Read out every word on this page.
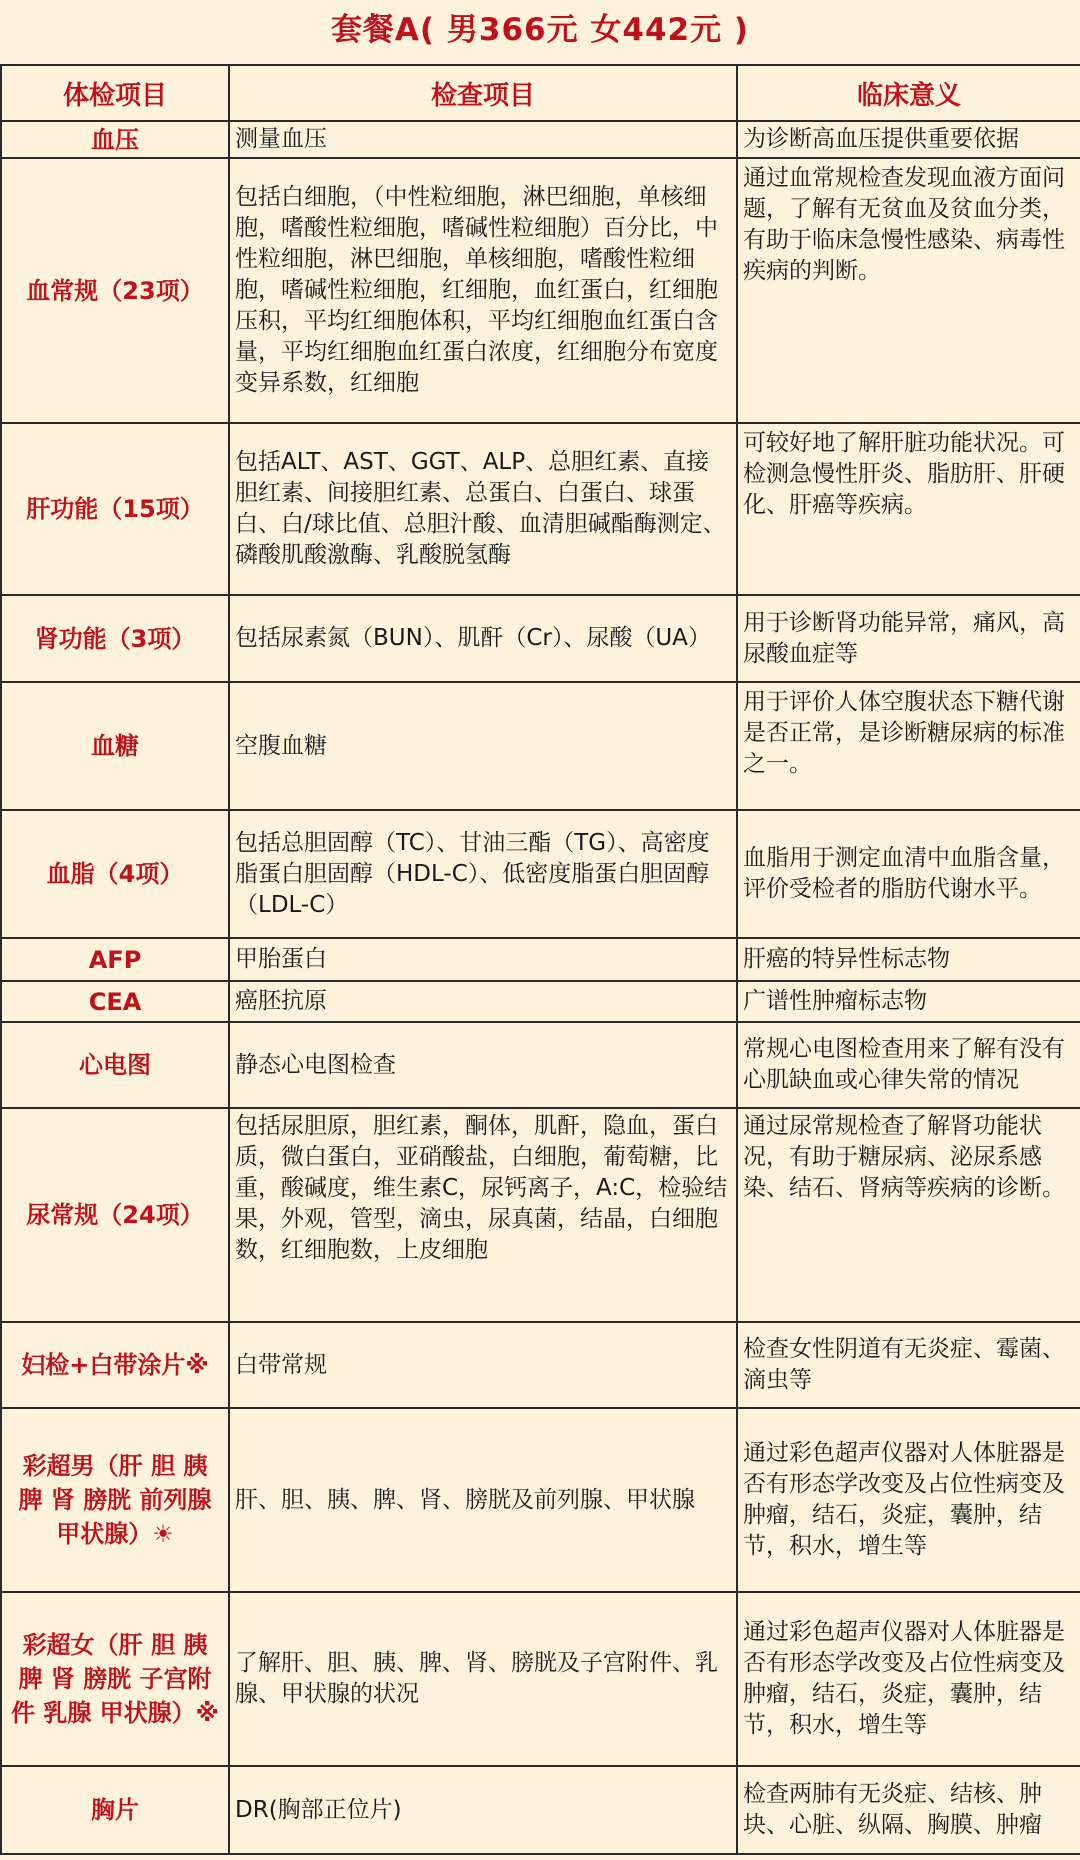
套餐A( 男366元 女442元 )
体检项目	检查项目	临床意义
血压	测量血压	为诊断高血压提供重要依据
血常规（23项）	包括白细胞，（中性粒细胞，淋巴细胞，单核细胞，嗜酸性粒细胞，嗜碱性粒细胞）百分比，中性粒细胞，淋巴细胞，单核细胞，嗜酸性粒细胞，嗜碱性粒细胞，红细胞，血红蛋白，红细胞压积，平均红细胞体积，平均红细胞血红蛋白含量，平均红细胞血红蛋白浓度，红细胞分布宽度变异系数，红细胞	通过血常规检查发现血液方面问题，了解有无贫血及贫血分类，有助于临床急慢性感染、病毒性疾病的判断。
肝功能（15项）	包括ALT、AST、GGT、ALP、总胆红素、直接胆红素、间接胆红素、总蛋白、白蛋白、球蛋白、白/球比值、总胆汁酸、血清胆碱酯酶测定、磷酸肌酸激酶、乳酸脱氢酶	可较好地了解肝脏功能状况。可检测急慢性肝炎、脂肪肝、肝硬化、肝癌等疾病。
肾功能（3项）	包括尿素氮（BUN）、肌酐（Cr）、尿酸（UA）	用于诊断肾功能异常，痛风，高尿酸血症等
血糖	空腹血糖	用于评价人体空腹状态下糖代谢是否正常，是诊断糖尿病的标准之一。
血脂（4项）	包括总胆固醇（TC）、甘油三酯（TG）、高密度脂蛋白胆固醇（HDL-C）、低密度脂蛋白胆固醇（LDL-C）	血脂用于测定血清中血脂含量，评价受检者的脂肪代谢水平。
AFP	甲胎蛋白	肝癌的特异性标志物
CEA	癌胚抗原	广谱性肿瘤标志物
心电图	静态心电图检查	常规心电图检查用来了解有没有心肌缺血或心律失常的情况
尿常规（24项）	包括尿胆原，胆红素，酮体，肌酐，隐血，蛋白质，微白蛋白，亚硝酸盐，白细胞，葡萄糖，比重，酸碱度，维生素C，尿钙离子，A:C，检验结果，外观，管型，滴虫，尿真菌，结晶，白细胞数，红细胞数，上皮细胞	通过尿常规检查了解肾功能状况，有助于糖尿病、泌尿系感染、结石、肾病等疾病的诊断。
妇检+白带涂片※	白带常规	检查女性阴道有无炎症、霉菌、滴虫等
彩超男（肝 胆 胰 脾 肾 膀胱 前列腺 甲状腺）☀	肝、胆、胰、脾、肾、膀胱及前列腺、甲状腺	通过彩色超声仪器对人体脏器是否有形态学改变及占位性病变及肿瘤，结石，炎症，囊肿，结节，积水，增生等
彩超女（肝 胆 胰 脾 肾 膀胱 子宫附件 乳腺 甲状腺）※	了解肝、胆、胰、脾、肾、膀胱及子宫附件、乳腺、甲状腺的状况	通过彩色超声仪器对人体脏器是否有形态学改变及占位性病变及肿瘤，结石，炎症，囊肿，结节，积水，增生等
胸片	DR(胸部正位片)	检查两肺有无炎症、结核、肿块、心脏、纵隔、胸膜、肿瘤
